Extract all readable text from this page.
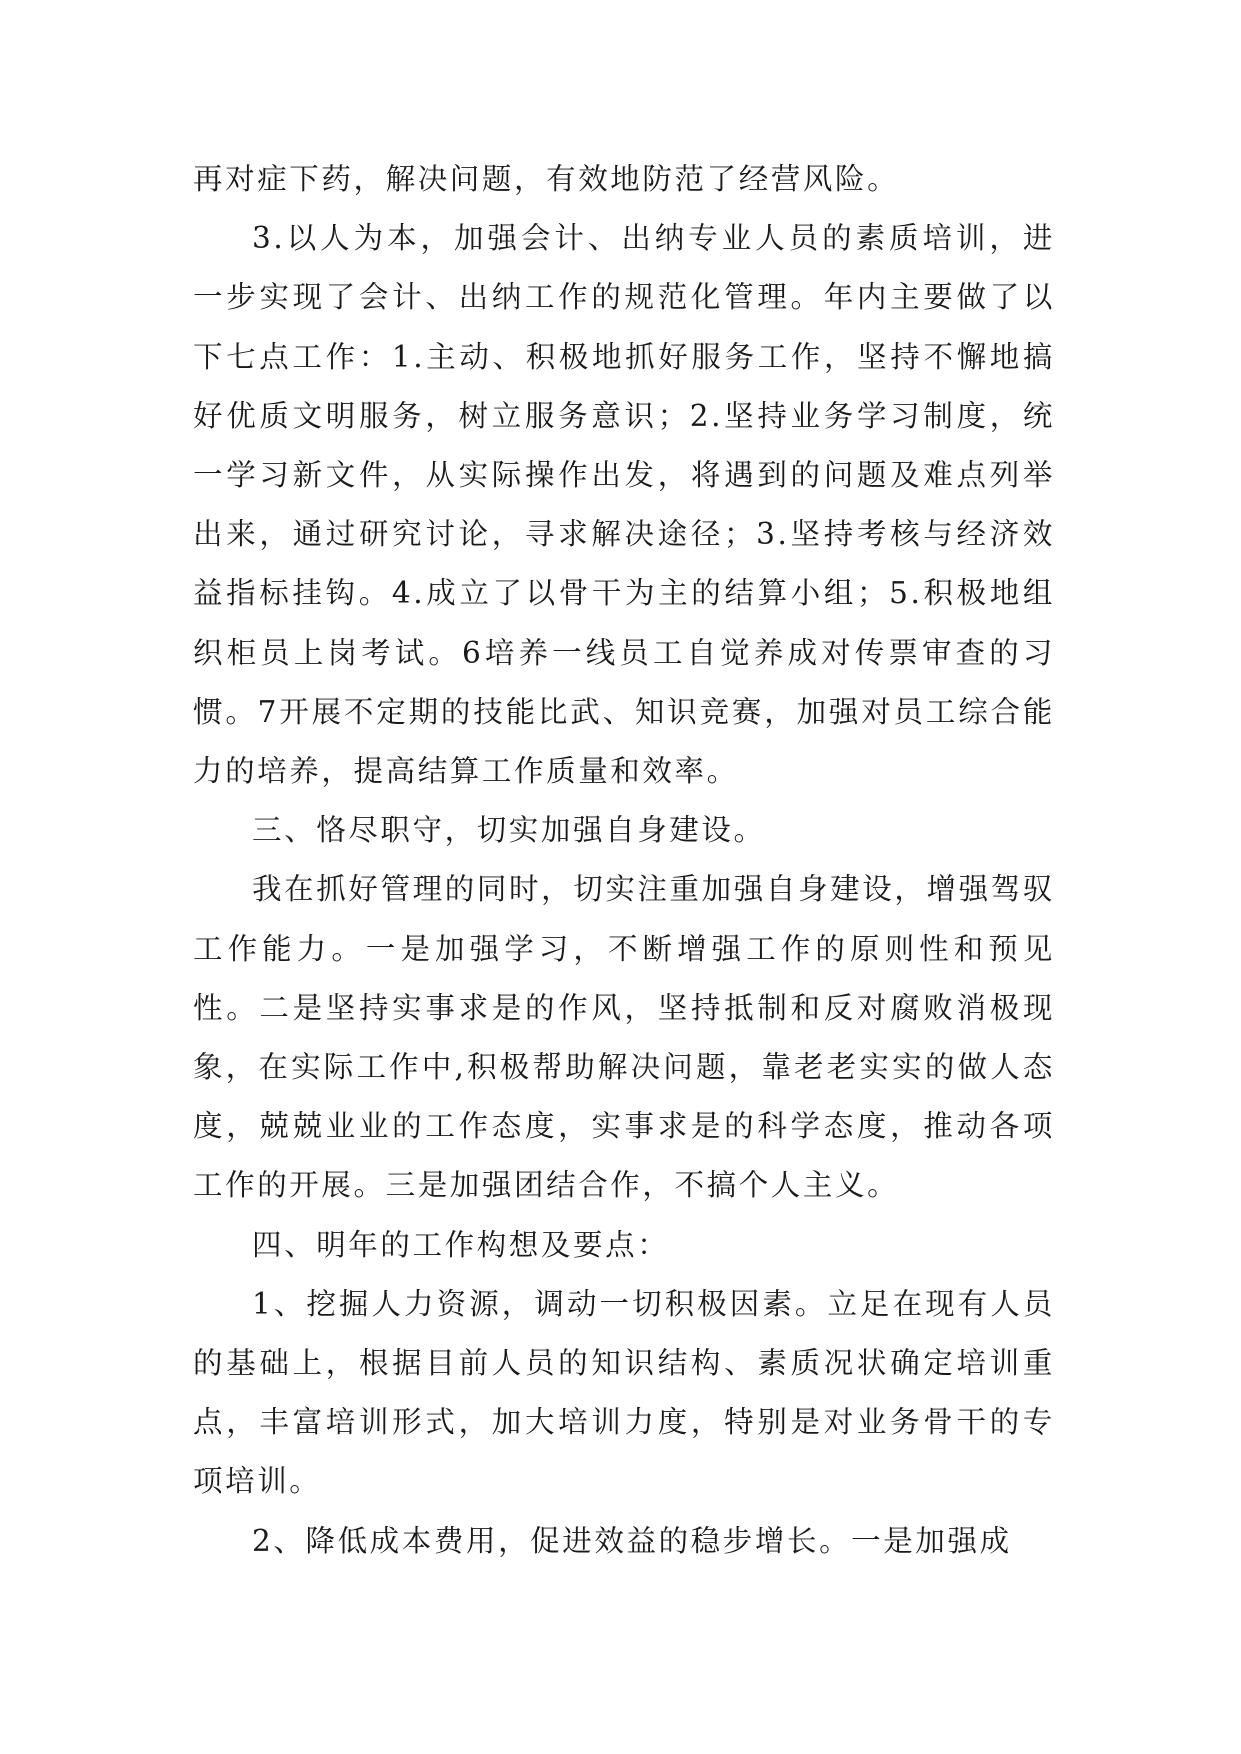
再对症下药，解决问题，有效地防范了经营风险。

3.以人为本，加强会计、出纳专业人员的素质培训，进一步实现了会计、出纳工作的规范化管理。年内主要做了以下七点工作：1.主动、积极地抓好服务工作，坚持不懈地搞好优质文明服务，树立服务意识；2.坚持业务学习制度，统一学习新文件，从实际操作出发，将遇到的问题及难点列举出来，通过研究讨论，寻求解决途径；3.坚持考核与经济效益指标挂钩。4.成立了以骨干为主的结算小组；5.积极地组织柜员上岗考试。6培养一线员工自觉养成对传票审查的习惯。7开展不定期的技能比武、知识竞赛，加强对员工综合能力的培养，提高结算工作质量和效率。

三、恪尽职守，切实加强自身建设。

我在抓好管理的同时，切实注重加强自身建设，增强驾驭工作能力。一是加强学习，不断增强工作的原则性和预见性。二是坚持实事求是的作风，坚持抵制和反对腐败消极现象，在实际工作中,积极帮助解决问题，靠老老实实的做人态度，兢兢业业的工作态度，实事求是的科学态度，推动各项工作的开展。三是加强团结合作，不搞个人主义。

四、明年的工作构想及要点：

1、挖掘人力资源，调动一切积极因素。立足在现有人员的基础上，根据目前人员的知识结构、素质况状确定培训重点，丰富培训形式，加大培训力度，特别是对业务骨干的专项培训。

2、降低成本费用，促进效益的稳步增长。一是加强成
